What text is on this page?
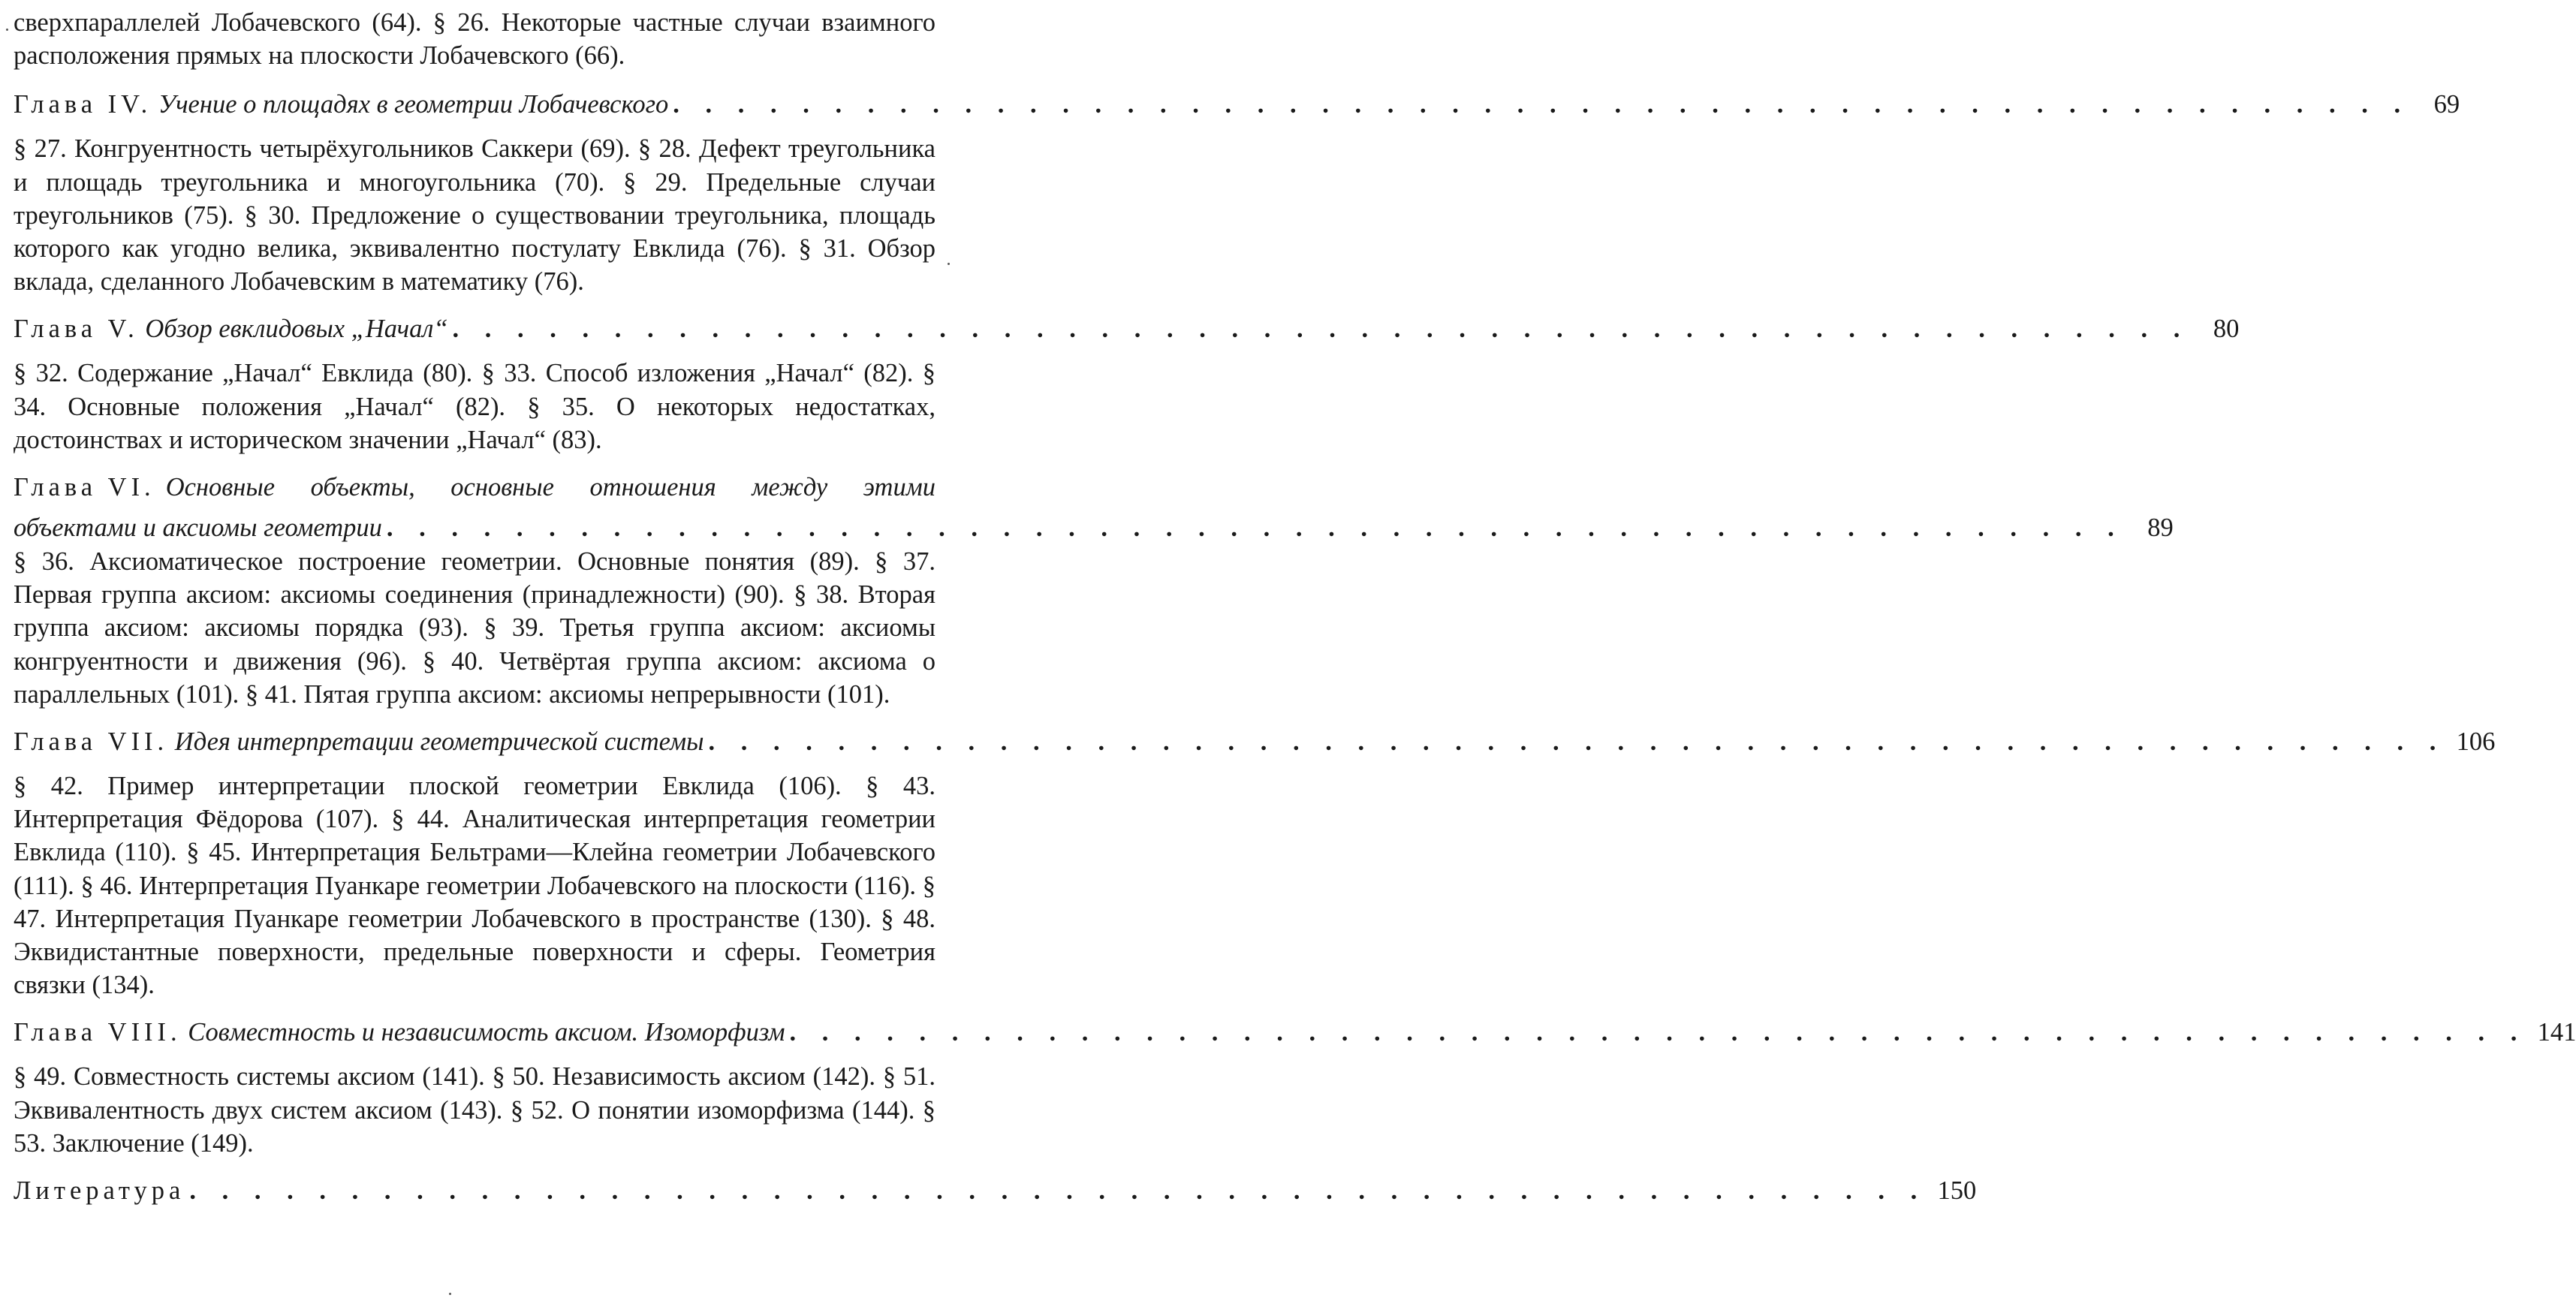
сверхпараллелей Лобачевского (64). § 26. Некоторые частные случаи взаимного расположения прямых на плоскости Лобачевского (66).

Глава IV. Учение о площадях в геометрии Лобачевского . . . . . . . . . . . . . . . . . . . . . . . . . . . . . . . . . . . . . . . . . . . . . . . . . . . . . . 69

§ 27. Конгруентность четырёхугольников Саккери (69). § 28. Дефект треугольника и площадь треугольника и многоугольника (70). § 29. Предельные случаи треугольников (75). § 30. Предложение о существовании треугольника, площадь которого как угодно велика, эквивалентно постулату Евклида (76). § 31. Обзор вклада, сделанного Лобачевским в математику (76).

Глава V. Обзор евклидовых „Начал“ . . . . . . . . . . . . . . . . . . . . . . . . . . . . . . . . . . . . . . . . . . . . . . . . . . . . . . 80

§ 32. Содержание „Начал“ Евклида (80). § 33. Способ изложения „Начал“ (82). § 34. Основные положения „Начал“ (82). § 35. О некоторых недостатках, достоинствах и историческом значении „Начал“ (83).

Глава VI. Основные объекты, основные отношения между этими
объектами и аксиомы геометрии . . . . . . . . . . . . . . . . . . . . . . . . . . . . . . . . . . . . . . . . . . . . . . . . . . . . . . 89

§ 36. Аксиоматическое построение геометрии. Основные понятия (89). § 37. Первая группа аксиом: аксиомы соединения (принадлежности) (90). § 38. Вторая группа аксиом: аксиомы порядка (93). § 39. Третья группа аксиом: аксиомы конгруентности и движения (96). § 40. Четвёртая группа аксиом: аксиома о параллельных (101). § 41. Пятая группа аксиом: аксиомы непрерывности (101).

Глава VII. Идея интерпретации геометрической системы . . . . . . . . . . . . . . . . . . . . . . . . . . . . . . . . . . . . . . . . . . . . . . . . . . . . . . 106

§ 42. Пример интерпретации плоской геометрии Евклида (106). § 43. Интерпретация Фёдорова (107). § 44. Аналитическая интерпретация геометрии Евклида (110). § 45. Интерпретация Бельтрами—Клейна геометрии Лобачевского (111). § 46. Интерпретация Пуанкаре геометрии Лобачевского на плоскости (116). § 47. Интерпретация Пуанкаре геометрии Лобачевского в пространстве (130). § 48. Эквидистантные поверхности, предельные поверхности и сферы. Геометрия связки (134).

Глава VIII. Совместность и независимость аксиом. Изоморфизм . . . . . . . . . . . . . . . . . . . . . . . . . . . . . . . . . . . . . . . . . . . . . . . . . . . . . . 141

§ 49. Совместность системы аксиом (141). § 50. Независимость аксиом (142). § 51. Эквивалентность двух систем аксиом (143). § 52. О понятии изоморфизма (144). § 53. Заключение (149).

Литература . . . . . . . . . . . . . . . . . . . . . . . . . . . . . . . . . . . . . . . . . . . . . . . . . . . . . . 150
